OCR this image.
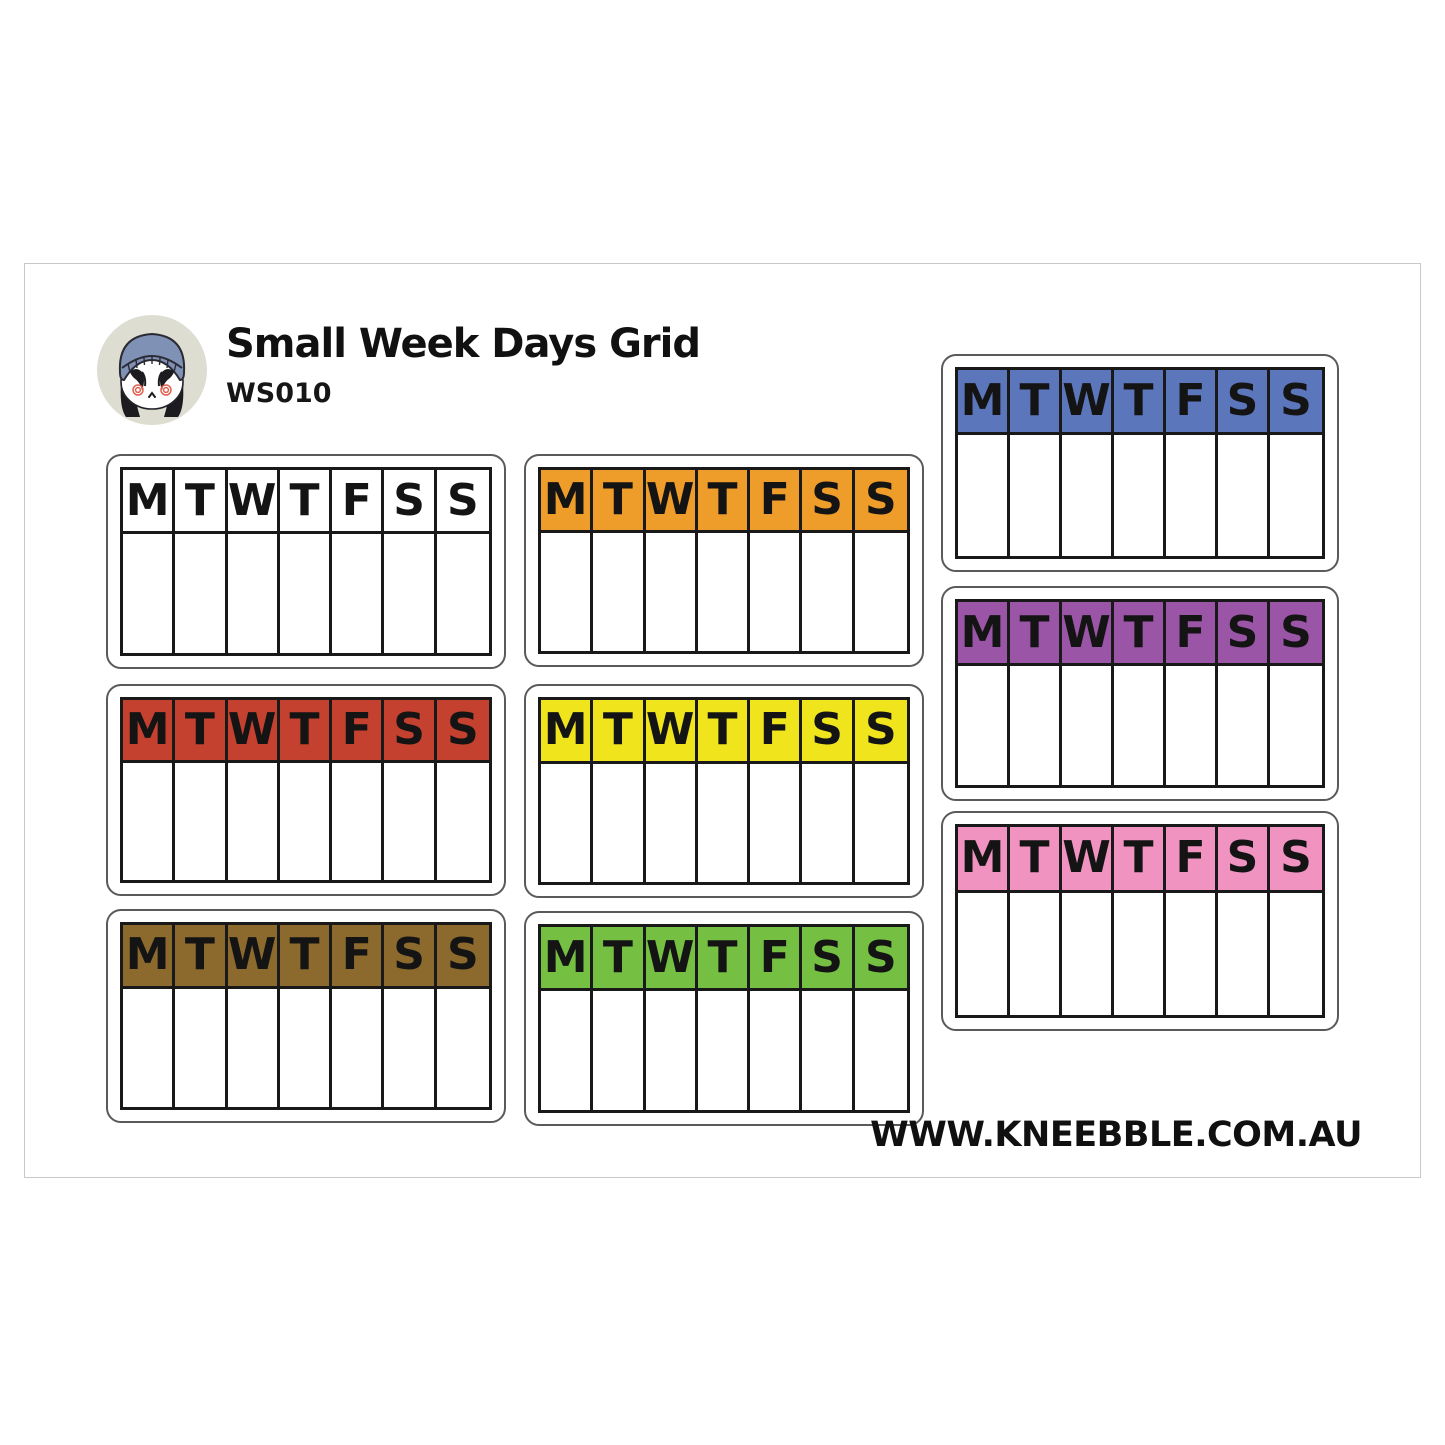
Small Week Days Grid
WS010
M T W T F S S
M T W T F S S
M T W T F S S
M T W T F S S
M T W T F S S
M T W T F S S
M T W T F S S
M T W T F S S
M T W T F S S
WWW.KNEEBBLE.COM.AU
